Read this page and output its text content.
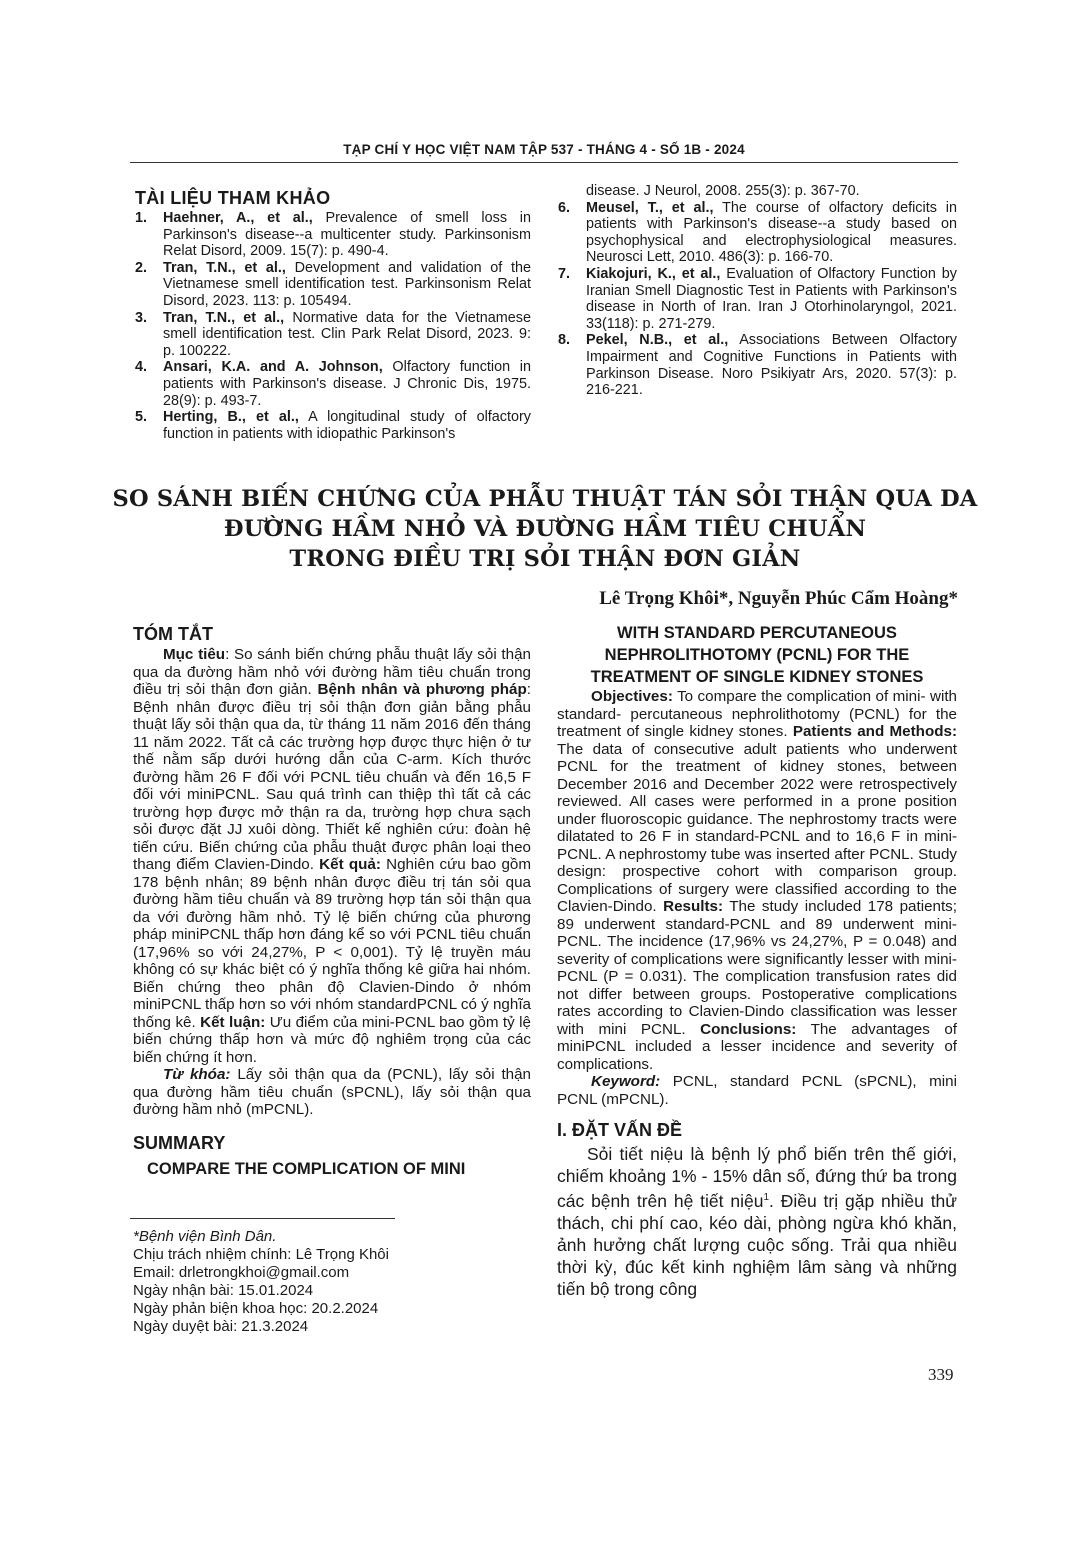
TẠP CHÍ Y HỌC VIỆT NAM TẬP 537 - THÁNG 4 - SỐ 1B - 2024
TÀI LIỆU THAM KHẢO
1.	Haehner, A., et al., Prevalence of smell loss in Parkinson's disease--a multicenter study. Parkinsonism Relat Disord, 2009. 15(7): p. 490-4.
2.	Tran, T.N., et al., Development and validation of the Vietnamese smell identification test. Parkinsonism Relat Disord, 2023. 113: p. 105494.
3.	Tran, T.N., et al., Normative data for the Vietnamese smell identification test. Clin Park Relat Disord, 2023. 9: p. 100222.
4.	Ansari, K.A. and A. Johnson, Olfactory function in patients with Parkinson's disease. J Chronic Dis, 1975. 28(9): p. 493-7.
5.	Herting, B., et al., A longitudinal study of olfactory function in patients with idiopathic Parkinson's
disease. J Neurol, 2008. 255(3): p. 367-70.
6.	Meusel, T., et al., The course of olfactory deficits in patients with Parkinson's disease--a study based on psychophysical and electrophysiological measures. Neurosci Lett, 2010. 486(3): p. 166-70.
7.	Kiakojuri, K., et al., Evaluation of Olfactory Function by Iranian Smell Diagnostic Test in Patients with Parkinson's disease in North of Iran. Iran J Otorhinolaryngol, 2021. 33(118): p. 271-279.
8.	Pekel, N.B., et al., Associations Between Olfactory Impairment and Cognitive Functions in Patients with Parkinson Disease. Noro Psikiyatr Ars, 2020. 57(3): p. 216-221.
SO SÁNH BIẾN CHỨNG CỦA PHẪU THUẬT TÁN SỎI THẬN QUA DA
ĐƯỜNG HẦM NHỎ VÀ ĐƯỜNG HẦM TIÊU CHUẨN
TRONG ĐIỀU TRỊ SỎI THẬN ĐƠN GIẢN
Lê Trọng Khôi*, Nguyễn Phúc Cẩm Hoàng*
TÓM TẮT

Mục tiêu: So sánh biến chứng phẫu thuật lấy sỏi thận qua da đường hầm nhỏ với đường hầm tiêu chuẩn trong điều trị sỏi thận đơn giản. Bệnh nhân và phương pháp: Bệnh nhân được điều trị sỏi thận đơn giản bằng phẫu thuật lấy sỏi thận qua da, từ tháng 11 năm 2016 đến tháng 11 năm 2022. Tất cả các trường hợp được thực hiện ở tư thế nằm sấp dưới hướng dẫn của C-arm. Kích thước đường hầm 26 F đối với PCNL tiêu chuẩn và đến 16,5 F đối với miniPCNL. Sau quá trình can thiệp thì tất cả các trường hợp được mở thận ra da, trường hợp chưa sạch sỏi được đặt JJ xuôi dòng. Thiết kế nghiên cứu: đoàn hệ tiến cứu. Biến chứng của phẫu thuật được phân loại theo thang điểm Clavien-Dindo. Kết quả: Nghiên cứu bao gồm 178 bệnh nhân; 89 bệnh nhân được điều trị tán sỏi qua đường hầm tiêu chuẩn và 89 trường hợp tán sỏi thận qua da với đường hầm nhỏ. Tỷ lệ biến chứng của phương pháp miniPCNL thấp hơn đáng kể so với PCNL tiêu chuẩn (17,96% so với 24,27%, P < 0,001). Tỷ lệ truyền máu không có sự khác biệt có ý nghĩa thống kê giữa hai nhóm. Biến chứng theo phân độ Clavien-Dindo ở nhóm miniPCNL thấp hơn so với nhóm standardPCNL có ý nghĩa thống kê. Kết luận: Ưu điểm của mini-PCNL bao gồm tỷ lệ biến chứng thấp hơn và mức độ nghiêm trọng của các biến chứng ít hơn.

Từ khóa: Lấy sỏi thận qua da (PCNL), lấy sỏi thận qua đường hầm tiêu chuẩn (sPCNL), lấy sỏi thận qua đường hầm nhỏ (mPCNL).

SUMMARY
COMPARE THE COMPLICATION OF MINI
*Bệnh viện Bình Dân.
Chịu trách nhiệm chính: Lê Trọng Khôi
Email: drletrongkhoi@gmail.com
Ngày nhận bài: 15.01.2024
Ngày phản biện khoa học: 20.2.2024
Ngày duyệt bài: 21.3.2024
WITH STANDARD PERCUTANEOUS
NEPHROLITHOTOMY (PCNL) FOR THE
TREATMENT OF SINGLE KIDNEY STONES

Objectives: To compare the complication of mini- with standard- percutaneous nephrolithotomy (PCNL) for the treatment of single kidney stones. Patients and Methods: The data of consecutive adult patients who underwent PCNL for the treatment of kidney stones, between December 2016 and December 2022 were retrospectively reviewed. All cases were performed in a prone position under fluoroscopic guidance. The nephrostomy tracts were dilatated to 26 F in standard-PCNL and to 16,6 F in mini-PCNL. A nephrostomy tube was inserted after PCNL. Study design: prospective cohort with comparison group. Complications of surgery were classified according to the Clavien-Dindo. Results: The study included 178 patients; 89 underwent standard-PCNL and 89 underwent mini-PCNL. The incidence (17,96% vs 24,27%, P = 0.048) and severity of complications were significantly lesser with mini-PCNL (P = 0.031). The complication transfusion rates did not differ between groups. Postoperative complications rates according to Clavien-Dindo classification was lesser with mini PCNL. Conclusions: The advantages of miniPCNL included a lesser incidence and severity of complications.

Keyword: PCNL, standard PCNL (sPCNL), mini PCNL (mPCNL).

I. ĐẶT VẤN ĐỀ

Sỏi tiết niệu là bệnh lý phổ biến trên thế giới, chiếm khoảng 1% - 15% dân số, đứng thứ ba trong các bệnh trên hệ tiết niệu$^1$. Điều trị gặp nhiều thử thách, chi phí cao, kéo dài, phòng ngừa khó khăn, ảnh hưởng chất lượng cuộc sống. Trải qua nhiều thời kỳ, đúc kết kinh nghiệm lâm sàng và những tiến bộ trong công

339
